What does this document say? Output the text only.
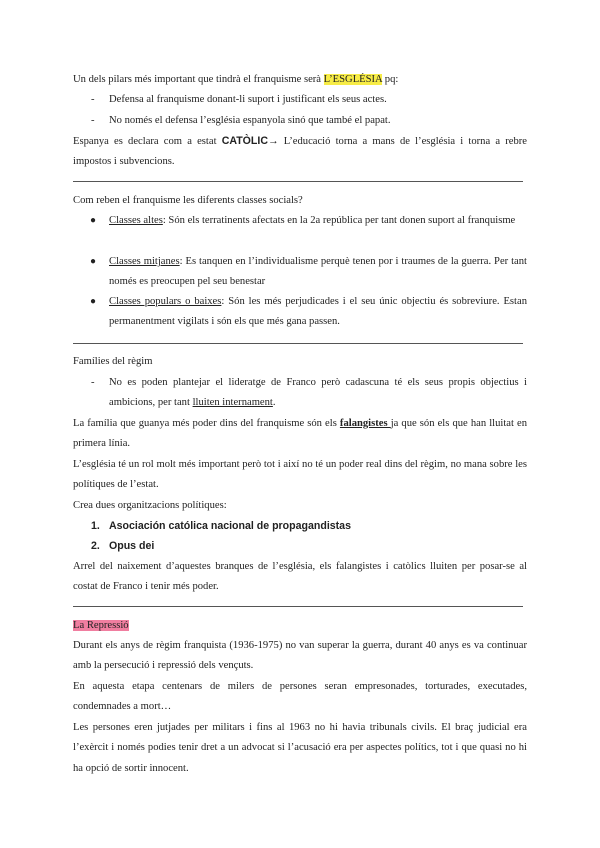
Un dels pilars més important que tindrà el franquisme serà L’ESGLÉSIA pq:

- Defensa al franquisme donant-li suport i justificant els seus actes.

- No només el defensa l’església espanyola sinó que també el papat.

Espanya es declara com a estat CATÒLIC→ L’educació torna a mans de l’església i torna a rebre impostos i subvencions.

Com reben el franquisme les diferents classes socials?

● Classes altes: Són els terratinents afectats en la 2a república per tant donen suport al franquisme

● Classes mitjanes: Es tanquen en l’individualisme perquè tenen por i traumes de la guerra. Per tant només es preocupen pel seu benestar

● Classes populars o baixes: Són les més perjudicades i el seu únic objectiu és sobreviure. Estan permanentment vigilats i són els que més gana passen.

Famílies del règim

- No es poden plantejar el lideratge de Franco però cadascuna té els seus propis objectius i ambicions, per tant lluiten internament.

La família que guanya més poder dins del franquisme són els falangistes ja que són els que han lluitat en primera línia.

L’església té un rol molt més important però tot i així no té un poder real dins del règim, no mana sobre les polítiques de l’estat.

Crea dues organitzacions polítiques:

1. Asociación católica nacional de propagandistas

2. Opus dei

Arrel del naixement d’aquestes branques de l’església, els falangistes i catòlics lluiten per posar-se al costat de Franco i tenir més poder.

La Repressió

Durant els anys de règim franquista (1936-1975) no van superar la guerra, durant 40 anys es va continuar amb la persecució i repressió dels vençuts.

En aquesta etapa centenars de milers de persones seran empresonades, torturades, executades, condemnades a mort…

Les persones eren jutjades per militars i fins al 1963 no hi havia tribunals civils. El braç judicial era l’exèrcit i només podies tenir dret a un advocat si l’acusació era per aspectes polítics, tot i que quasi no hi ha opció de sortir innocent.
